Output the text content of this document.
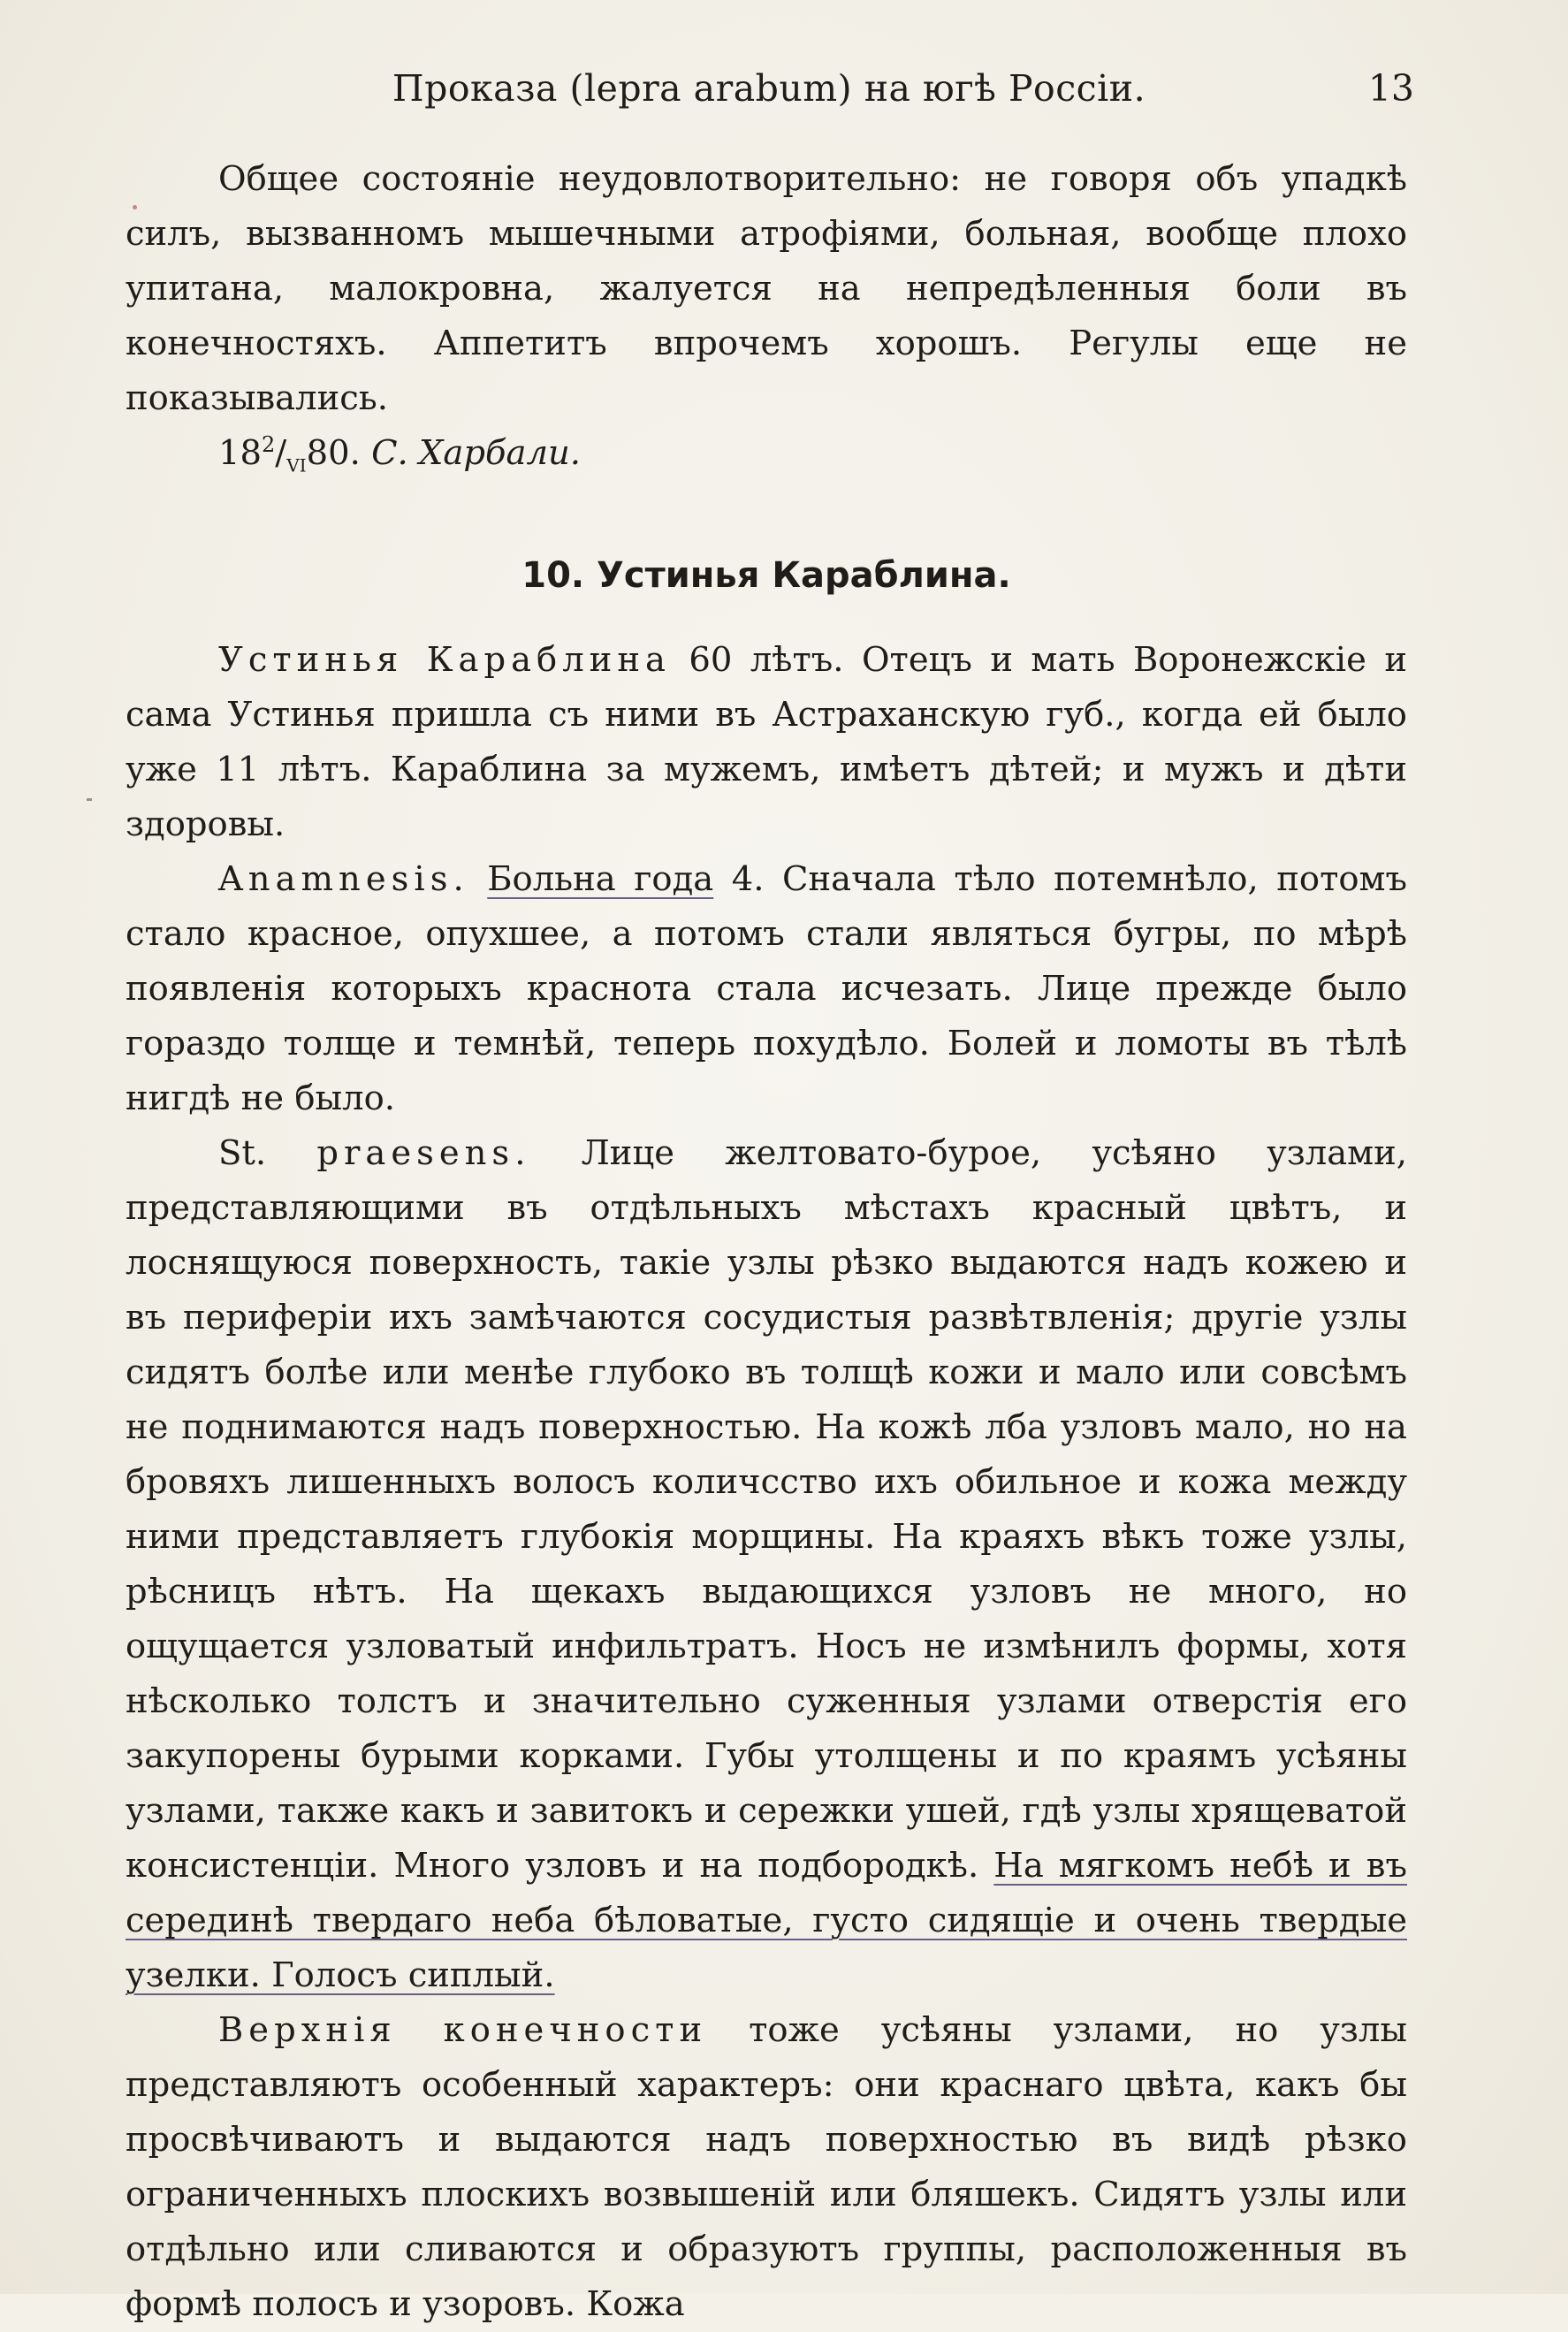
Проказа (lерra arabum) на югѣ Россіи.	13

Общее состояніе неудовлотворительно: не говоря объ упадкѣ силъ, вызванномъ мышечными атрофіями, больная, вообще плохо упитана, малокровна, жалуется на непредѣленныя боли въ конечностяхъ. Аппетитъ впрочемъ хорошъ. Регулы еще не показывались.

$18^2/_{VI}80$. С. Харбали.

10. Устинья Караблина.

Устинья Караблина 60 лѣтъ. Отецъ и мать Воронежскіе и сама Устинья пришла съ ними въ Астраханскую губ., когда ей было уже 11 лѣтъ. Караблина за мужемъ, имѣетъ дѣтей; и мужъ и дѣти здоровы.

Anamnesis. Больна года 4. Сначала тѣло потемнѣло, потомъ стало красное, опухшее, а потомъ стали являться бугры, по мѣрѣ появленія которыхъ краснота стала исчезать. Лице прежде было гораздо толще и темнѣй, теперь похудѣло. Болей и ломоты въ тѣлѣ нигдѣ не было.

St. praesens. Лице желтовато-бурое, усѣяно узлами, представляющими въ отдѣльныхъ мѣстахъ красный цвѣтъ, и лоснящуюся поверхность, такіе узлы рѣзко выдаются надъ кожею и въ периферіи ихъ замѣчаются сосудистыя развѣтвленія; другіе узлы сидятъ болѣе или менѣе глубоко въ толщѣ кожи и мало или совсѣмъ не поднимаются надъ поверхностью. На кожѣ лба узловъ мало, но на бровяхъ лишенныхъ волосъ количсство ихъ обильное и кожа между ними представляетъ глубокія морщины. На краяхъ вѣкъ тоже узлы, рѣсницъ нѣтъ. На щекахъ выдающихся узловъ не много, но ощущается узловатый инфильтратъ. Носъ не измѣнилъ формы, хотя нѣсколько толстъ и значительно суженныя узлами отверстія его закупорены бурыми корками. Губы утолщены и по краямъ усѣяны узлами, также какъ и завитокъ и сережки ушей, гдѣ узлы хрящеватой консистенціи. Много узловъ и на подбородкѣ. На мягкомъ небѣ и въ серединѣ твердаго неба бѣловатые, густо сидящіе и очень твердые узелки. Голосъ сиплый.

Верхнія конечности тоже усѣяны узлами, но узлы представляютъ особенный характеръ: они краснаго цвѣта, какъ бы просвѣчиваютъ и выдаются надъ поверхностью въ видѣ рѣзко ограниченныхъ плоскихъ возвышеній или бляшекъ. Сидятъ узлы или отдѣльно или сливаются и образуютъ группы, расположенныя въ формѣ полосъ и узоровъ. Кожа
